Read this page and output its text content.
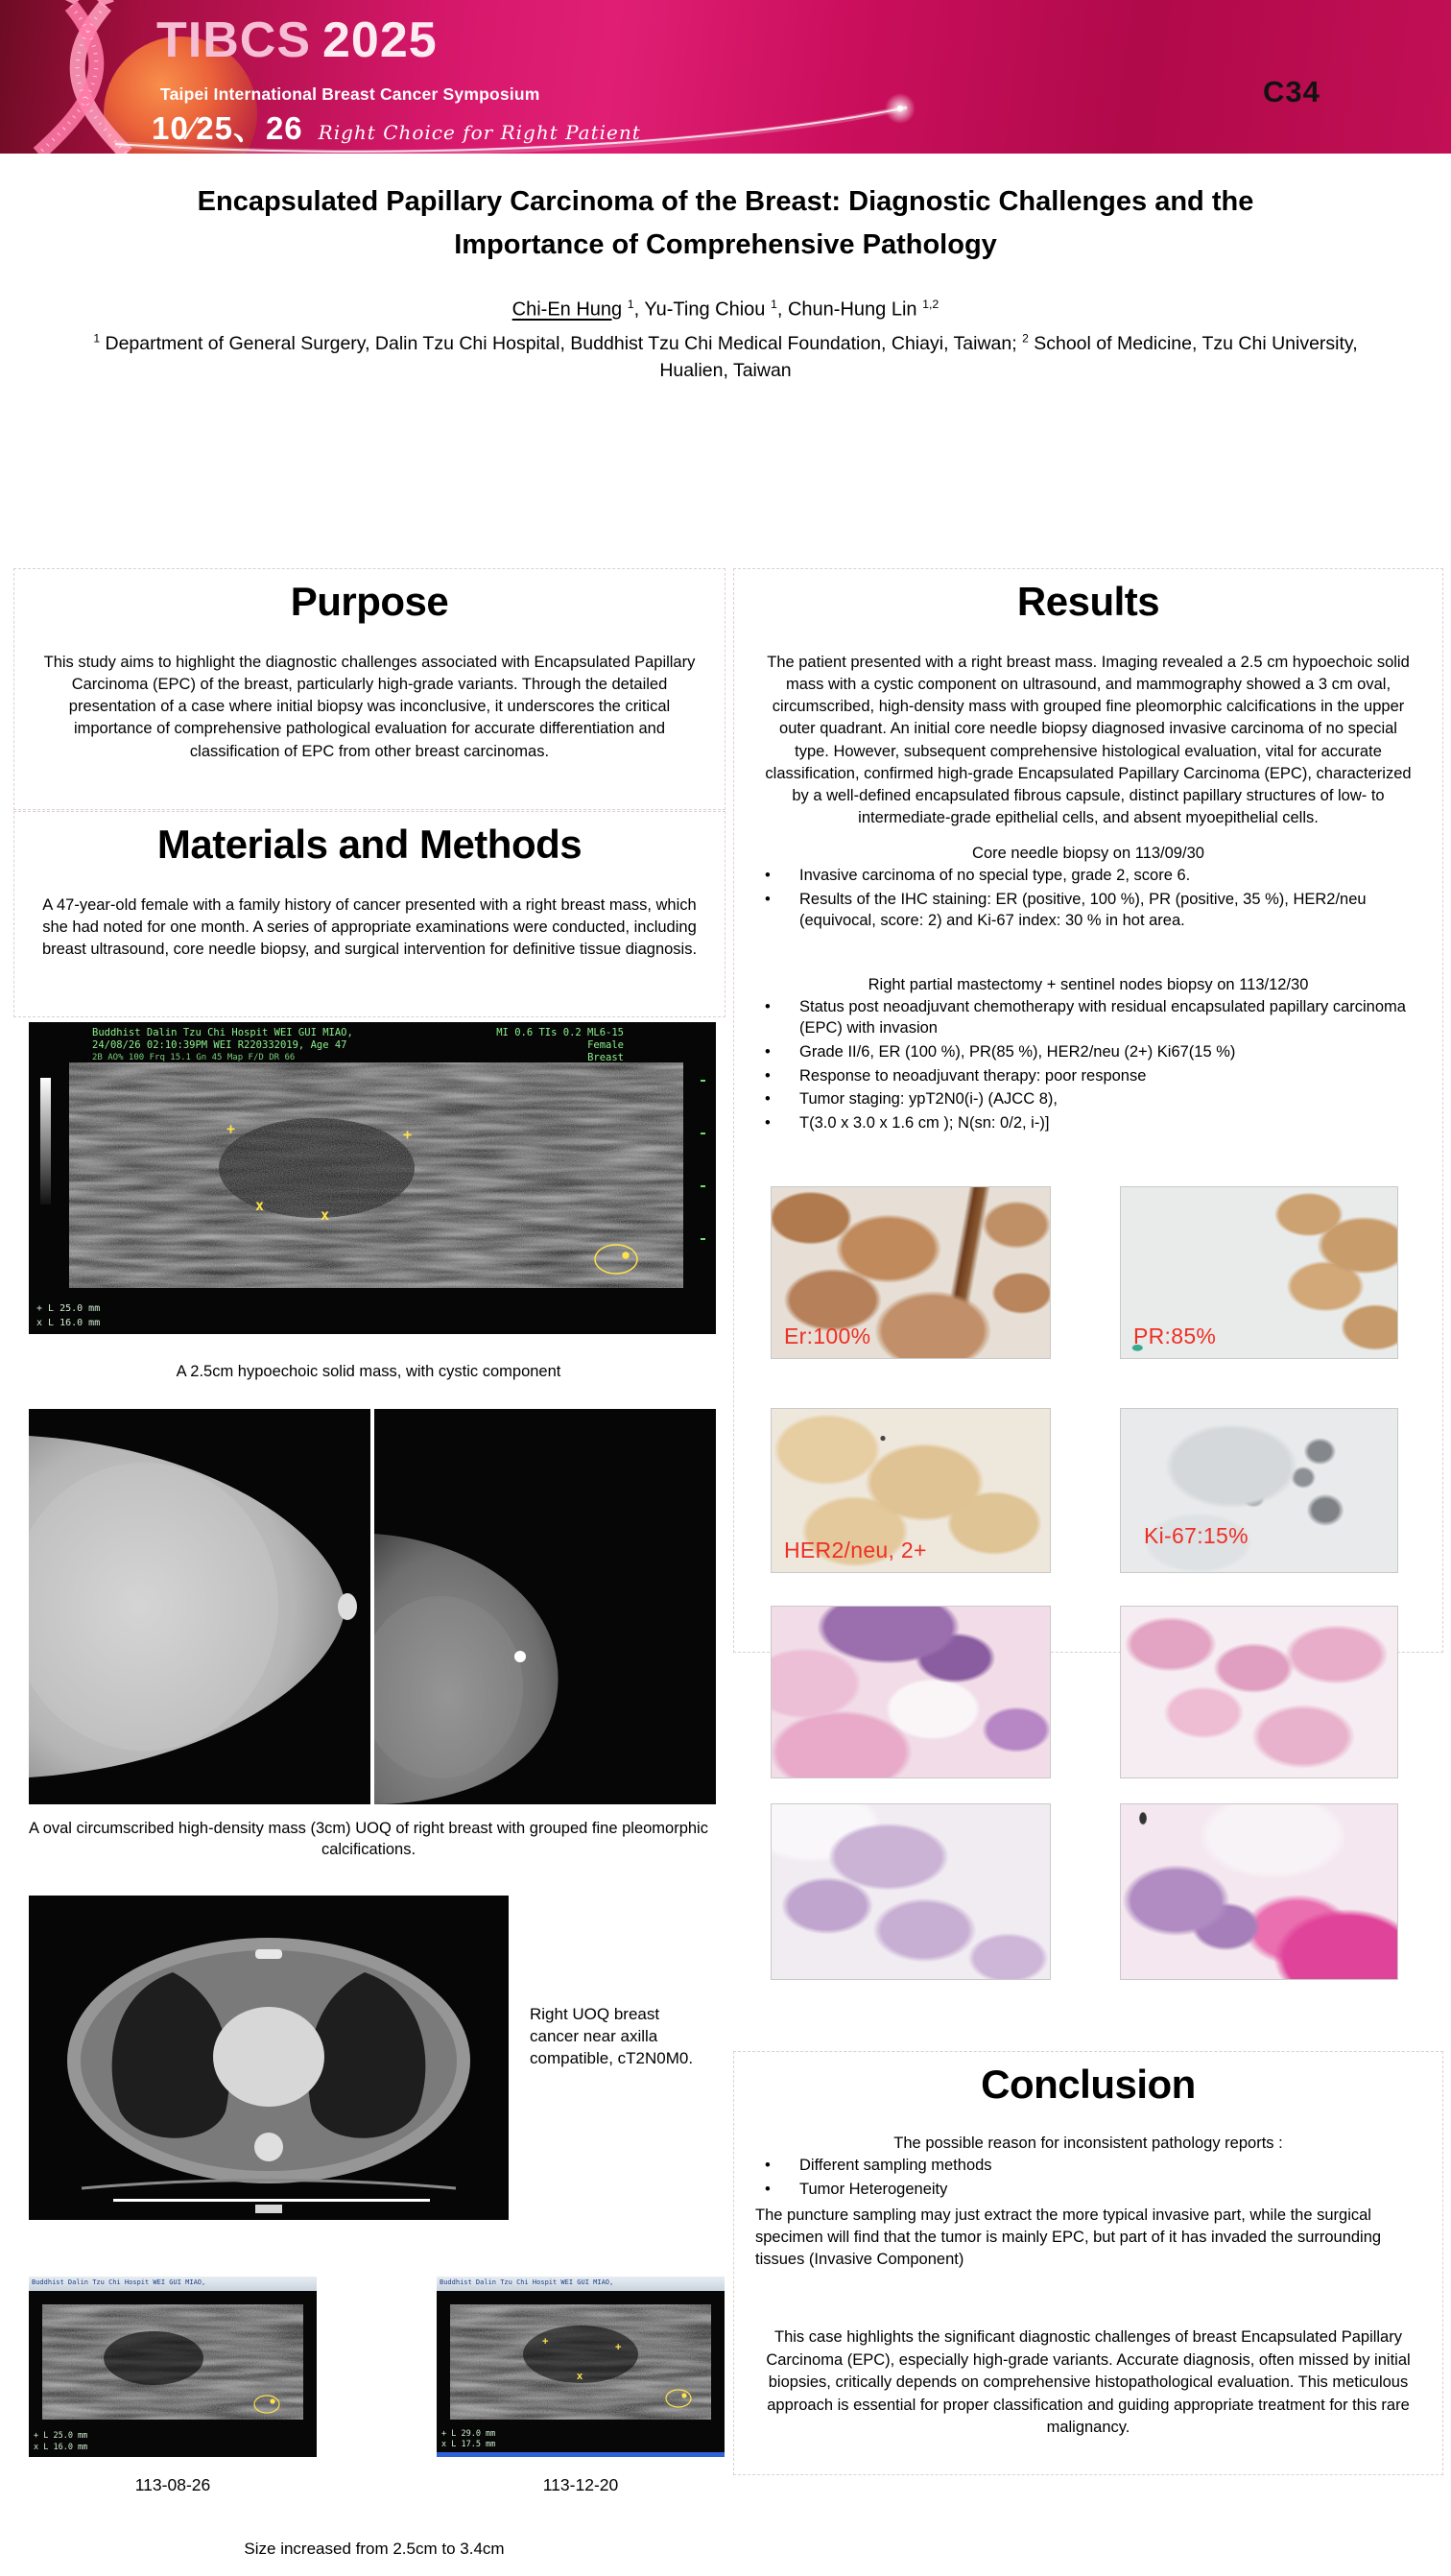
TIBCS 2025
Taipei International Breast Cancer Symposium
10∕25、26 Right Choice for Right Patient
C34
Encapsulated Papillary Carcinoma of the Breast: Diagnostic Challenges and the
Importance of Comprehensive Pathology
Chi-En Hung $^1$, Yu-Ting Chiou $^1$, Chun-Hung Lin $^{1,2}$
$^1$ Department of General Surgery, Dalin Tzu Chi Hospital, Buddhist Tzu Chi Medical Foundation, Chiayi, Taiwan; $^2$ School of Medicine, Tzu Chi University, Hualien, Taiwan
Purpose

This study aims to highlight the diagnostic challenges associated with Encapsulated Papillary Carcinoma (EPC) of the breast, particularly high-grade variants. Through the detailed presentation of a case where initial biopsy was inconclusive, it underscores the critical importance of comprehensive pathological evaluation for accurate differentiation and classification of EPC from other breast carcinomas.

Materials and Methods

A 47-year-old female with a family history of cancer presented with a right breast mass, which she had noted for one month. A series of appropriate examinations were conducted, including breast ultrasound, core needle biopsy, and surgical intervention for definitive tissue diagnosis.

+	+
x
x
Buddhist Dalin Tzu Chi Hospit WEI GUI MIAO,
24/08/26 02:10:39PM WEI R220332019, Age 47
MI 0.6 TIs 0.2 ML6-15
Female
Breast
2B AO% 100 Frq 15.1 Gn 45 Map F/D DR 66
+ L 25.0 mm
x L 16.0 mm
A 2.5cm hypoechoic solid mass, with cystic component
A oval circumscribed high-density mass (3cm) UOQ of right breast with grouped fine pleomorphic calcifications.
Right UOQ breast cancer near axilla compatible, cT2N0M0.
Buddhist Dalin Tzu Chi Hospit WEI GUI MIAO,
+ L 25.0 mm
x L 16.0 mm
Buddhist Dalin Tzu Chi Hospit WEI GUI MIAO,
+	+
x
+ L 29.0 mm
x L 17.5 mm
113-08-26	113-12-20
Size increased from 2.5cm to 3.4cm
Results

The patient presented with a right breast mass. Imaging revealed a 2.5 cm hypoechoic solid mass with a cystic component on ultrasound, and mammography showed a 3 cm oval, circumscribed, high-density mass with grouped fine pleomorphic calcifications in the upper outer quadrant. An initial core needle biopsy diagnosed invasive carcinoma of no special type. However, subsequent comprehensive histological evaluation, vital for accurate classification, confirmed high-grade Encapsulated Papillary Carcinoma (EPC), characterized by a well-defined encapsulated fibrous capsule, distinct papillary structures of low- to intermediate-grade epithelial cells, and absent myoepithelial cells.

Core needle biopsy on 113/09/30
• Invasive carcinoma of no special type, grade 2, score 6.
• Results of the IHC staining: ER (positive, 100 %), PR (positive, 35 %), HER2/neu (equivocal, score: 2) and Ki-67 index: 30 % in hot area.
Right partial mastectomy + sentinel nodes biopsy on 113/12/30
• Status post neoadjuvant chemotherapy with residual encapsulated papillary carcinoma (EPC) with invasion
• Grade II/6, ER (100 %), PR(85 %), HER2/neu (2+) Ki67(15 %)
• Response to neoadjuvant therapy: poor response
• Tumor staging: ypT2N0(i-) (AJCC 8),
• T(3.0 x 3.0 x 1.6 cm ); N(sn: 0/2, i-)]
Er:100%	PR:85%
HER2/neu, 2+
Ki-67:15%
Conclusion
The possible reason for inconsistent pathology reports :
• Different sampling methods
• Tumor Heterogeneity

The puncture sampling may just extract the more typical invasive part, while the surgical specimen will find that the tumor is mainly EPC, but part of it has invaded the surrounding tissues (Invasive Component)

This case highlights the significant diagnostic challenges of breast Encapsulated Papillary Carcinoma (EPC), especially high-grade variants. Accurate diagnosis, often missed by initial biopsies, critically depends on comprehensive histopathological evaluation. This meticulous approach is essential for proper classification and guiding appropriate treatment for this rare malignancy.
